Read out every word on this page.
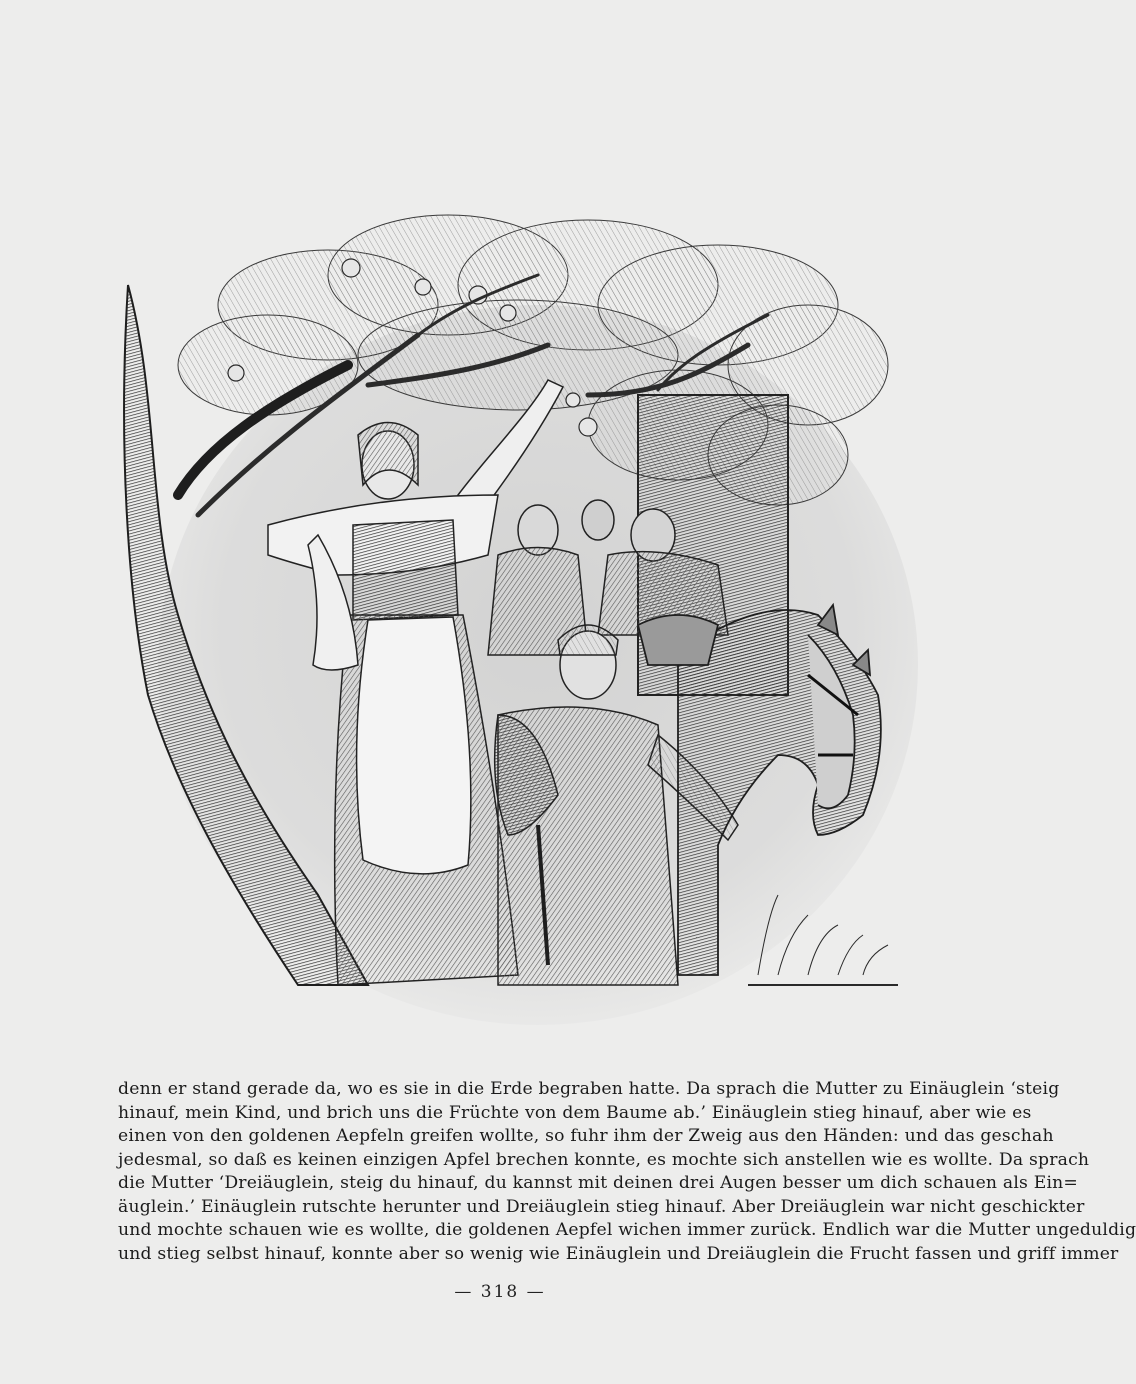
denn er stand gerade da, wo es sie in die Erde begraben hatte. Da sprach die Mutter zu Einäuglein ‘steig
hinauf, mein Kind, und brich uns die Früchte von dem Baume ab.’ Einäuglein stieg hinauf, aber wie es
einen von den goldenen Aepfeln greifen wollte, so fuhr ihm der Zweig aus den Händen: und das geschah
jedesmal, so daß es keinen einzigen Apfel brechen konnte, es mochte sich anstellen wie es wollte. Da sprach
die Mutter ‘Dreiäuglein, steig du hinauf, du kannst mit deinen drei Augen besser um dich schauen als Ein=
äuglein.’ Einäuglein rutschte herunter und Dreiäuglein stieg hinauf. Aber Dreiäuglein war nicht geschickter
und mochte schauen wie es wollte, die goldenen Aepfel wichen immer zurück. Endlich war die Mutter ungeduldig
und stieg selbst hinauf, konnte aber so wenig wie Einäuglein und Dreiäuglein die Frucht fassen und griff immer
— 318 —
